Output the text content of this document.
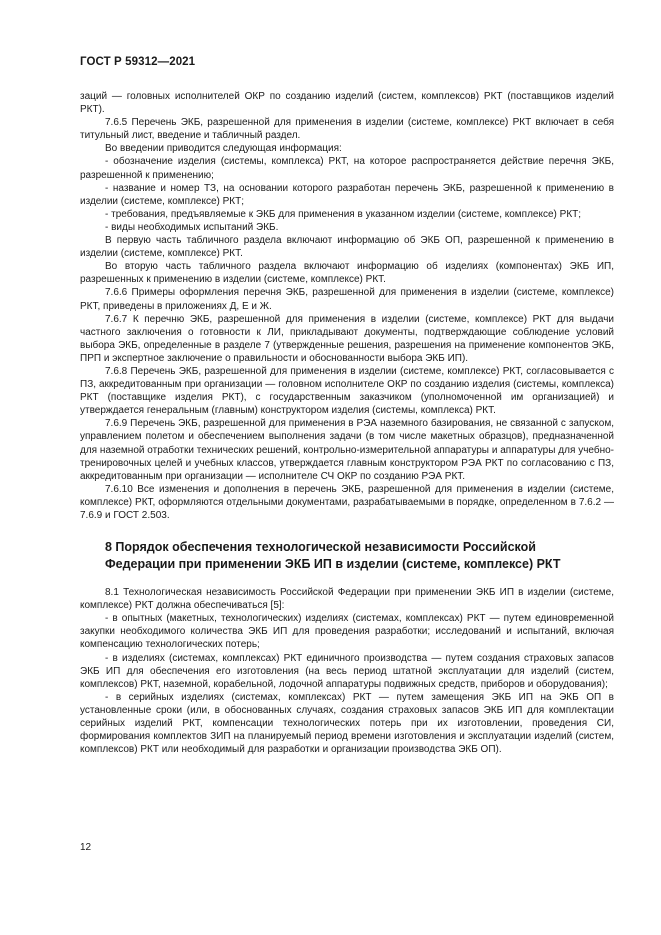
ГОСТ Р 59312—2021

заций — головных исполнителей ОКР по созданию изделий (систем, комплексов) РКТ (поставщиков изделий РКТ).

7.6.5 Перечень ЭКБ, разрешенной для применения в изделии (системе, комплексе) РКТ включает в себя титульный лист, введение и табличный раздел.

Во введении приводится следующая информация:

- обозначение изделия (системы, комплекса) РКТ, на которое распространяется действие перечня ЭКБ, разрешенной к применению;

- название и номер ТЗ, на основании которого разработан перечень ЭКБ, разрешенной к применению в изделии (системе, комплексе) РКТ;

- требования, предъявляемые к ЭКБ для применения в указанном изделии (системе, комплексе) РКТ;

- виды необходимых испытаний ЭКБ.

В первую часть табличного раздела включают информацию об ЭКБ ОП, разрешенной к применению в изделии (системе, комплексе) РКТ.

Во вторую часть табличного раздела включают информацию об изделиях (компонентах) ЭКБ ИП, разрешенных к применению в изделии (системе, комплексе) РКТ.

7.6.6 Примеры оформления перечня ЭКБ, разрешенной для применения в изделии (системе, комплексе) РКТ, приведены в приложениях Д, Е и Ж.

7.6.7 К перечню ЭКБ, разрешенной для применения в изделии (системе, комплексе) РКТ для выдачи частного заключения о готовности к ЛИ, прикладывают документы, подтверждающие соблюдение условий выбора ЭКБ, определенные в разделе 7 (утвержденные решения, разрешения на применение компонентов ЭКБ, ПРП и экспертное заключение о правильности и обоснованности выбора ЭКБ ИП).

7.6.8 Перечень ЭКБ, разрешенной для применения в изделии (системе, комплексе) РКТ, согласовывается с ПЗ, аккредитованным при организации — головном исполнителе ОКР по созданию изделия (системы, комплекса) РКТ (поставщике изделия РКТ), с государственным заказчиком (уполномоченной им организацией) и утверждается генеральным (главным) конструктором изделия (системы, комплекса) РКТ.

7.6.9 Перечень ЭКБ, разрешенной для применения в РЭА наземного базирования, не связанной с запуском, управлением полетом и обеспечением выполнения задачи (в том числе макетных образцов), предназначенной для наземной отработки технических решений, контрольно-измерительной аппаратуры и аппаратуры для учебно-тренировочных целей и учебных классов, утверждается главным конструктором РЭА РКТ по согласованию с ПЗ, аккредитованным при организации — исполнителе СЧ ОКР по созданию РЭА РКТ.

7.6.10 Все изменения и дополнения в перечень ЭКБ, разрешенной для применения в изделии (системе, комплексе) РКТ, оформляются отдельными документами, разрабатываемыми в порядке, определенном в 7.6.2 — 7.6.9 и ГОСТ 2.503.

8 Порядок обеспечения технологической независимости Российской
Федерации при применении ЭКБ ИП в изделии (системе, комплексе) РКТ

8.1 Технологическая независимость Российской Федерации при применении ЭКБ ИП в изделии (системе, комплексе) РКТ должна обеспечиваться [5]:

- в опытных (макетных, технологических) изделиях (системах, комплексах) РКТ — путем единовременной закупки необходимого количества ЭКБ ИП для проведения разработки; исследований и испытаний, включая компенсацию технологических потерь;

- в изделиях (системах, комплексах) РКТ единичного производства — путем создания страховых запасов ЭКБ ИП для обеспечения его изготовления (на весь период штатной эксплуатации для изделий (систем, комплексов) РКТ, наземной, корабельной, лодочной аппаратуры подвижных средств, приборов и оборудования);

- в серийных изделиях (системах, комплексах) РКТ — путем замещения ЭКБ ИП на ЭКБ ОП в установленные сроки (или, в обоснованных случаях, создания страховых запасов ЭКБ ИП для комплектации серийных изделий РКТ, компенсации технологических потерь при их изготовлении, проведения СИ, формирования комплектов ЗИП на планируемый период времени изготовления и эксплуатации изделий (систем, комплексов) РКТ или необходимый для разработки и организации производства ЭКБ ОП).

12
